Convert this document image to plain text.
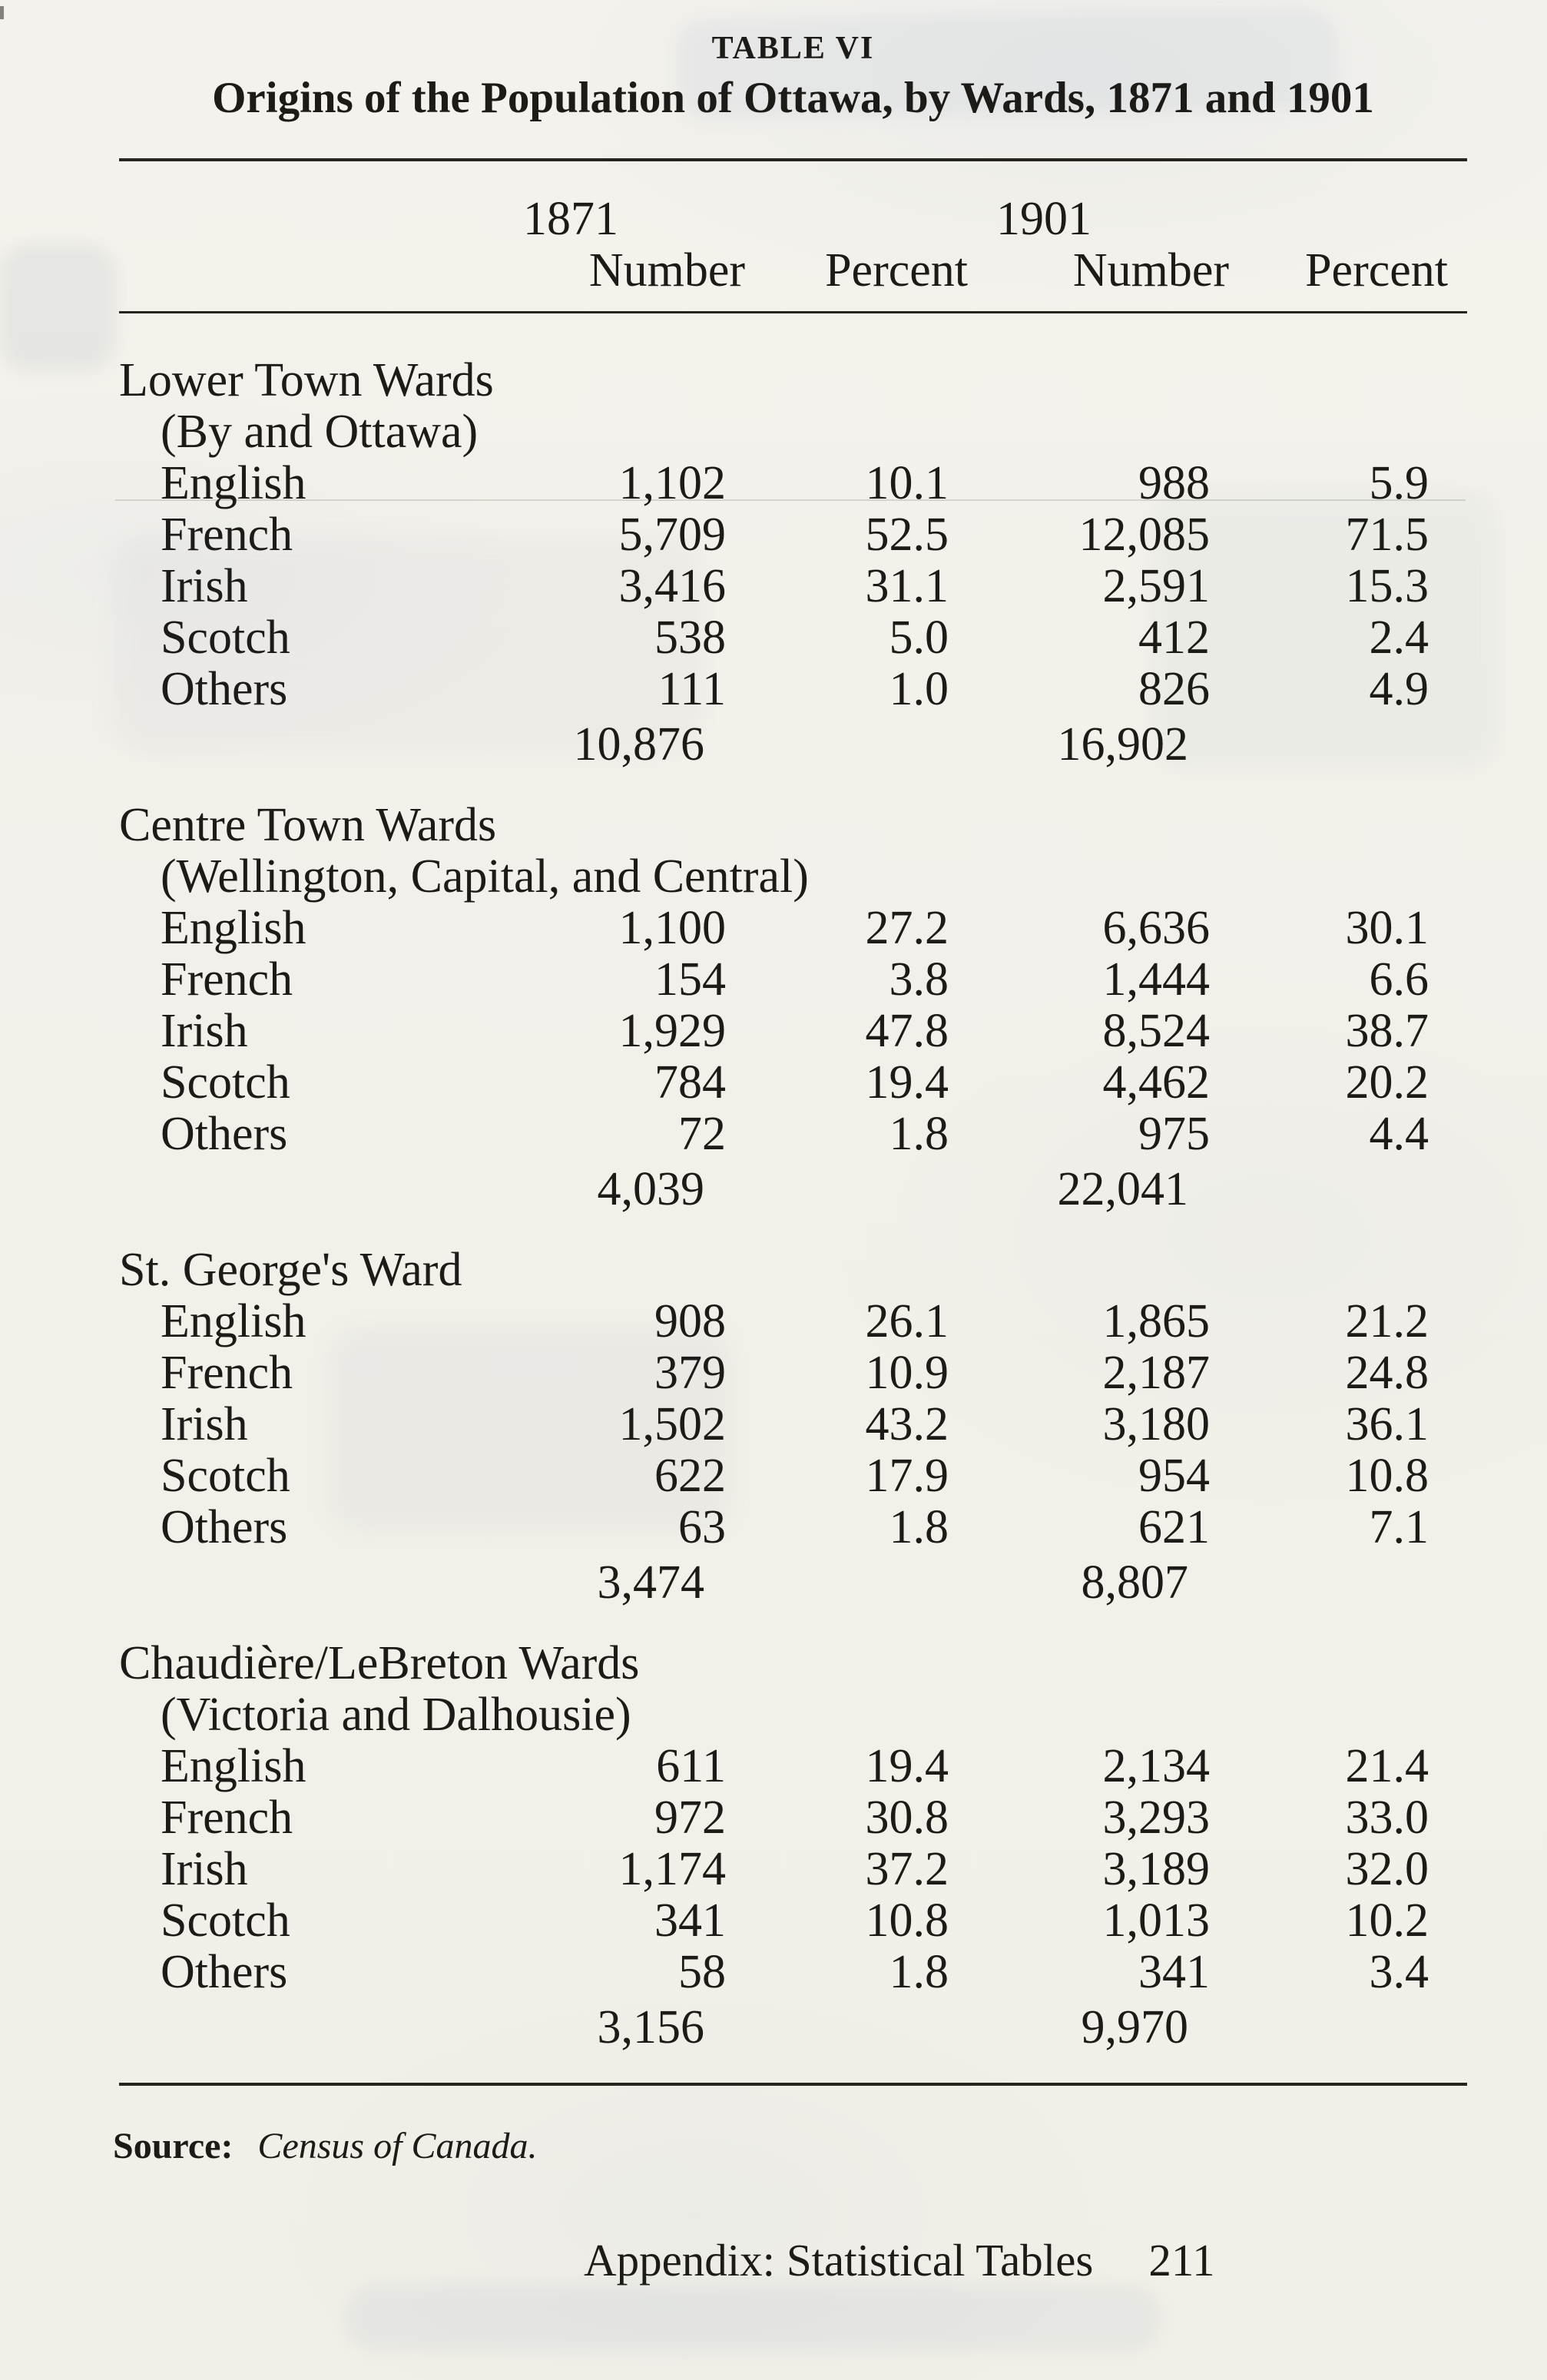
TABLE VI
Origins of the Population of Ottawa, by Wards, 1871 and 1901
1871	1901
Number	Percent	Number	Percent
Lower Town Wards
(By and Ottawa)
English	1,102	10.1	988	5.9
French	5,709	52.5	12,085	71.5
Irish	3,416	31.1	2,591	15.3
Scotch	538	5.0	412	2.4
Others	111	1.0	826	4.9
10,876	16,902
Centre Town Wards
(Wellington, Capital, and Central)
English	1,100	27.2	6,636	30.1
French	154	3.8	1,444	6.6
Irish	1,929	47.8	8,524	38.7
Scotch	784	19.4	4,462	20.2
Others	72	1.8	975	4.4
4,039	22,041
St. George's Ward
English	908	26.1	1,865	21.2
French	379	10.9	2,187	24.8
Irish	1,502	43.2	3,180	36.1
Scotch	622	17.9	954	10.8
Others	63	1.8	621	7.1
3,474	8,807
Chaudière/LeBreton Wards
(Victoria and Dalhousie)
English	611	19.4	2,134	21.4
French	972	30.8	3,293	33.0
Irish	1,174	37.2	3,189	32.0
Scotch	341	10.8	1,013	10.2
Others	58	1.8	341	3.4
3,156	9,970

Source: Census of Canada.

Appendix: Statistical Tables 211
